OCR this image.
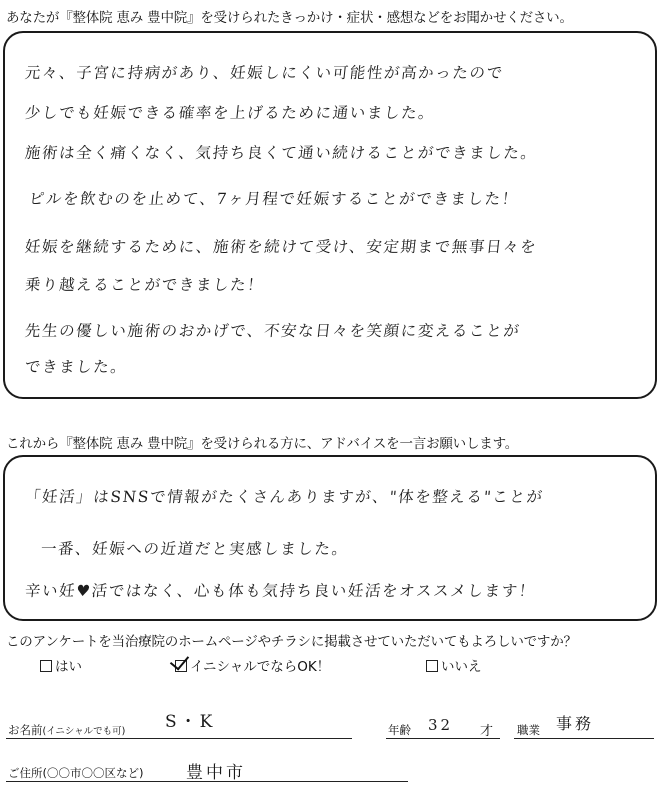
あなたが『整体院 恵み 豊中院』を受けられたきっかけ・症状・感想などをお聞かせください。
元々、子宮に持病があり、妊娠しにくい可能性が高かったので
少しでも妊娠できる確率を上げるために通いました。
施術は全く痛くなく、気持ち良くて通い続けることができました。
ピルを飲むのを止めて、7ヶ月程で妊娠することができました！
妊娠を継続するために、施術を続けて受け、安定期まで無事日々を
乗り越えることができました！
先生の優しい施術のおかげで、不安な日々を笑顔に変えることが
できました。
これから『整体院 恵み 豊中院』を受けられる方に、アドバイスを一言お願いします。
「妊活」はSNSで情報がたくさんありますが、"体を整える"ことが
一番、妊娠への近道だと実感しました。
辛い妊♥活ではなく、心も体も気持ち良い妊活をオススメします！
このアンケートを当治療院のホームページやチラシに掲載させていただいてもよろしいですか？
はい	イニシャルでならOK！	いいえ
お名前(イニシャルでも可) S・K	年齢 32 才 職業 事務
ご住所(〇〇市〇〇区など)	豊中市
